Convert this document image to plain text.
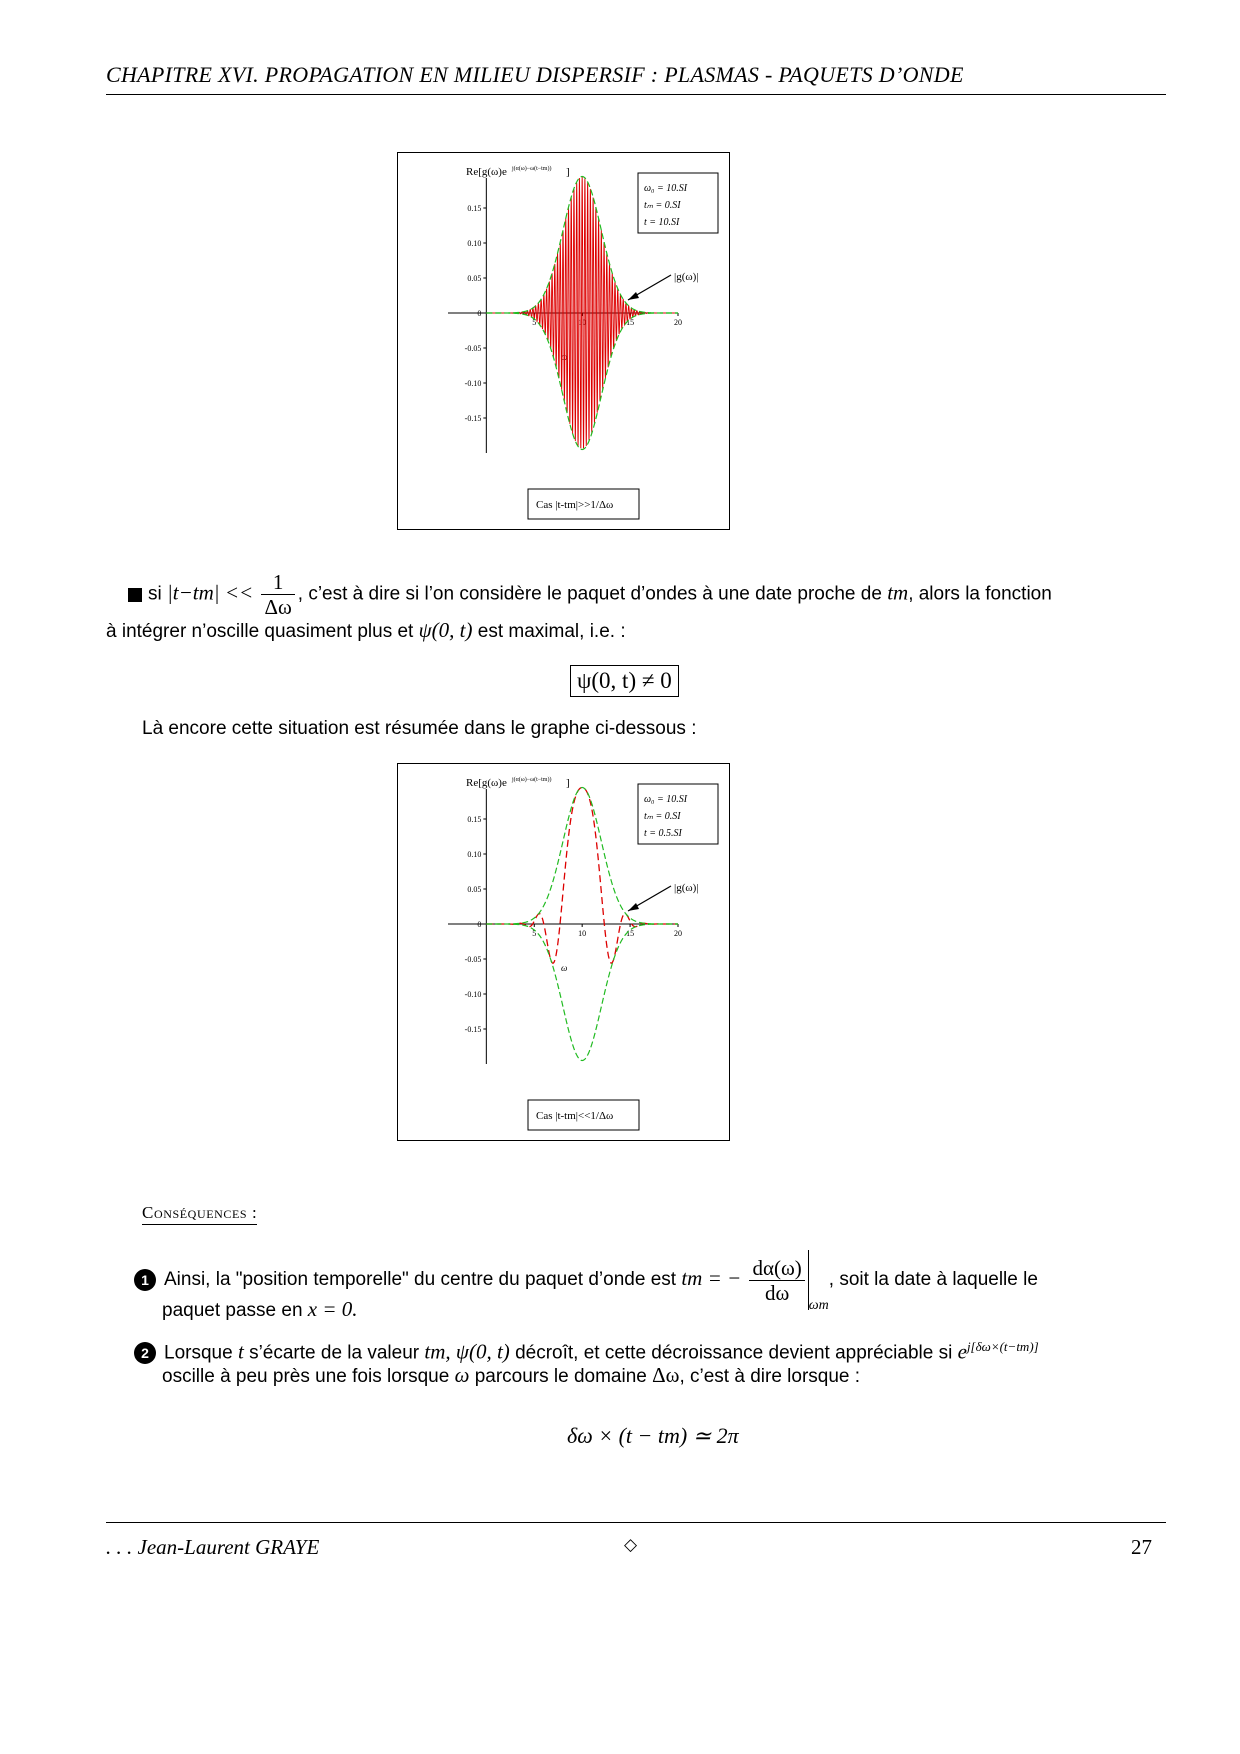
CHAPITRE XVI. PROPAGATION EN MILIEU DISPERSIF : PLASMAS - PAQUETS D’ONDE
Re[g(ω)e j(α(ω)−ω(t−tm)) ]
ω₀ = 10.SI
tₘ = 0.SI
t = 10.SI
|g(ω)|
Cas |t-tm|>>1/Δω
ω
0.15
0.10
0.05
0
-0.05
-0.10
-0.15
5	10	15	20
si $|t-tm| << \frac{1}{\Delta\omega}$ , c’est à dire si l’on considère le paquet d’ondes à une date proche de tm, alors la fonction
à intégrer n’oscille quasiment plus et ψ(0, t) est maximal, i.e. :
ψ(0, t) ≠ 0
Là encore cette situation est résumée dans le graphe ci-dessous :
Re[g(ω)e j(α(ω)−ω(t−tm)) ]
ω₀ = 10.SI
tₘ = 0.SI
t = 0.5.SI
|g(ω)|
Cas |t-tm|<<1/Δω
ω
0.15
0.10
0.05
0
-0.05
-0.10
-0.15
5	10	15	20
Conséquences :
1 Ainsi, la "position temporelle" du centre du paquet d’onde est tm = − $\frac{d\alpha(\omega)}{d\omega}$
$_{\omega m}$, soit la date à laquelle le
paquet passe en x = 0.
2 Lorsque t s’écarte de la valeur tm, ψ(0, t) décroît, et cette décroissance devient appréciable si $e^{j[\delta\omega\times(t-tm)]}$
oscille à peu près une fois lorsque ω parcours le domaine Δω, c’est à dire lorsque :
δω × (t − tm) ≃ 2π
. . . Jean-Laurent GRAYE	◇	27
